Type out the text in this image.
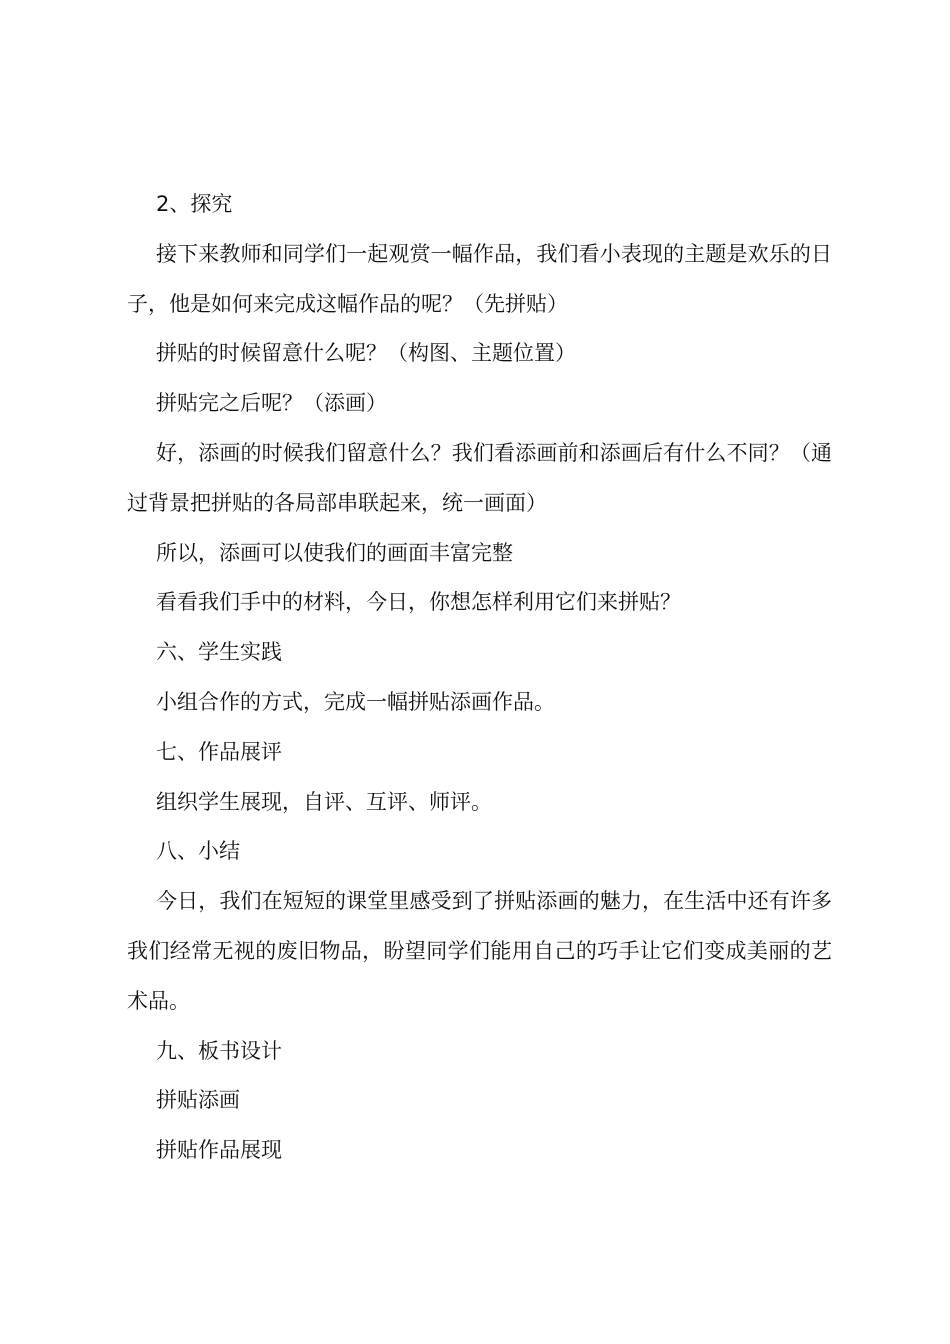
2、探究

接下来教师和同学们一起观赏一幅作品，我们看小表现的主题是欢乐的日子，他是如何来完成这幅作品的呢？（先拼贴）

拼贴的时候留意什么呢？（构图、主题位置）

拼贴完之后呢？（添画）

好，添画的时候我们留意什么？我们看添画前和添画后有什么不同？（通过背景把拼贴的各局部串联起来，统一画面）

所以，添画可以使我们的画面丰富完整

看看我们手中的材料，今日，你想怎样利用它们来拼贴？

六、学生实践

小组合作的方式，完成一幅拼贴添画作品。

七、作品展评

组织学生展现，自评、互评、师评。

八、小结

今日，我们在短短的课堂里感受到了拼贴添画的魅力，在生活中还有许多我们经常无视的废旧物品，盼望同学们能用自己的巧手让它们变成美丽的艺术品。

九、板书设计

拼贴添画

拼贴作品展现
